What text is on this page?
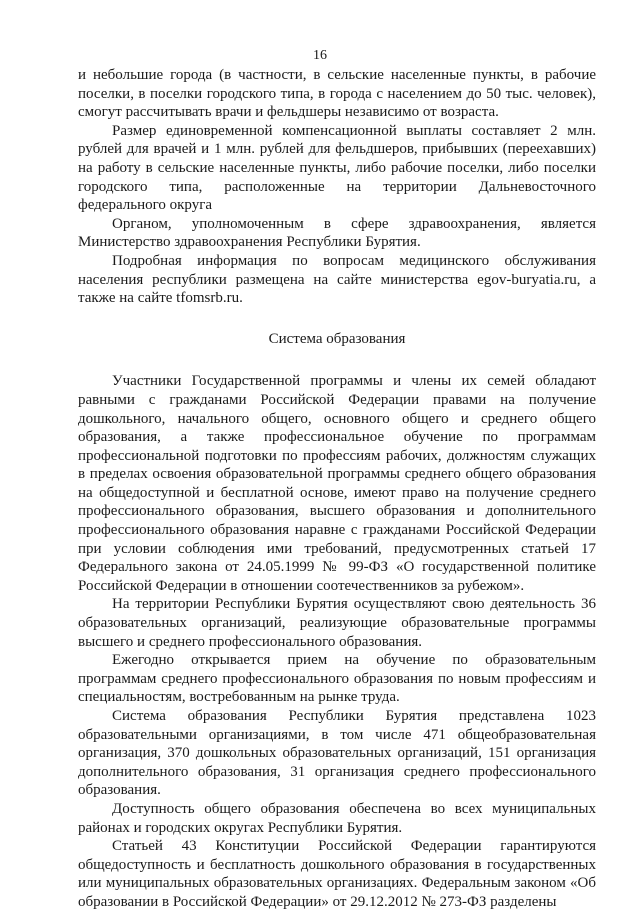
16

и небольшие города (в частности, в сельские населенные пункты, в рабочие поселки, в поселки городского типа, в города с населением до 50 тыс. человек), смогут рассчитывать врачи и фельдшеры независимо от возраста.

Размер единовременной компенсационной выплаты составляет 2 млн. рублей для врачей и 1 млн. рублей для фельдшеров, прибывших (переехавших) на работу в сельские населенные пункты, либо рабочие поселки, либо поселки городского типа, расположенные на территории Дальневосточного федерального округа

Органом, уполномоченным в сфере здравоохранения, является Министерство здравоохранения Республики Бурятия.

Подробная информация по вопросам медицинского обслуживания населения республики размещена на сайте министерства egov-buryatia.ru, а также на сайте tfomsrb.ru.

Система образования

Участники Государственной программы и члены их семей обладают равными с гражданами Российской Федерации правами на получение дошкольного, начального общего, основного общего и среднего общего образования, а также профессиональное обучение по программам профессиональной подготовки по профессиям рабочих, должностям служащих в пределах освоения образовательной программы среднего общего образования на общедоступной и бесплатной основе, имеют право на получение среднего профессионального образования, высшего образования и дополнительного профессионального образования наравне с гражданами Российской Федерации при условии соблюдения ими требований, предусмотренных статьей 17 Федерального закона от 24.05.1999 № 99-ФЗ «О государственной политике Российской Федерации в отношении соотечественников за рубежом».

На территории Республики Бурятия осуществляют свою деятельность 36 образовательных организаций, реализующие образовательные программы высшего и среднего профессионального образования.

Ежегодно открывается прием на обучение по образовательным программам среднего профессионального образования по новым профессиям и специальностям, востребованным на рынке труда.

Система образования Республики Бурятия представлена 1023 образовательными организациями, в том числе 471 общеобразовательная организация, 370 дошкольных образовательных организаций, 151 организация дополнительного образования, 31 организация среднего профессионального образования.

Доступность общего образования обеспечена во всех муниципальных районах и городских округах Республики Бурятия.

Статьей 43 Конституции Российской Федерации гарантируются общедоступность и бесплатность дошкольного образования в государственных или муниципальных образовательных организациях. Федеральным законом «Об образовании в Российской Федерации» от 29.12.2012 № 273-ФЗ разделены
